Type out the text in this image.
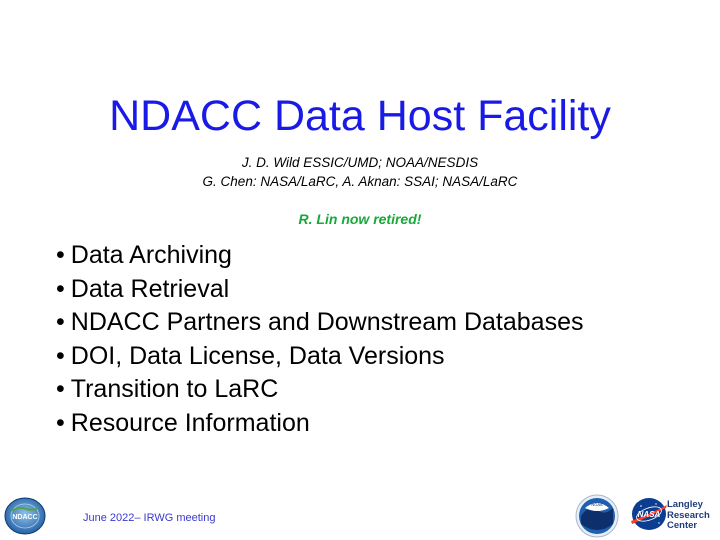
NDACC Data Host Facility
J. D. Wild ESSIC/UMD; NOAA/NESDIS
G. Chen: NASA/LaRC, A. Aknan: SSAI; NASA/LaRC
R. Lin now retired!
• Data Archiving
• Data Retrieval
• NDACC Partners and Downstream Databases
• DOI, Data License, Data Versions
• Transition to LaRC
• Resource Information
NDACC	June 2022– IRWG meeting
NOAA
NASA
Langley
Research
Center
